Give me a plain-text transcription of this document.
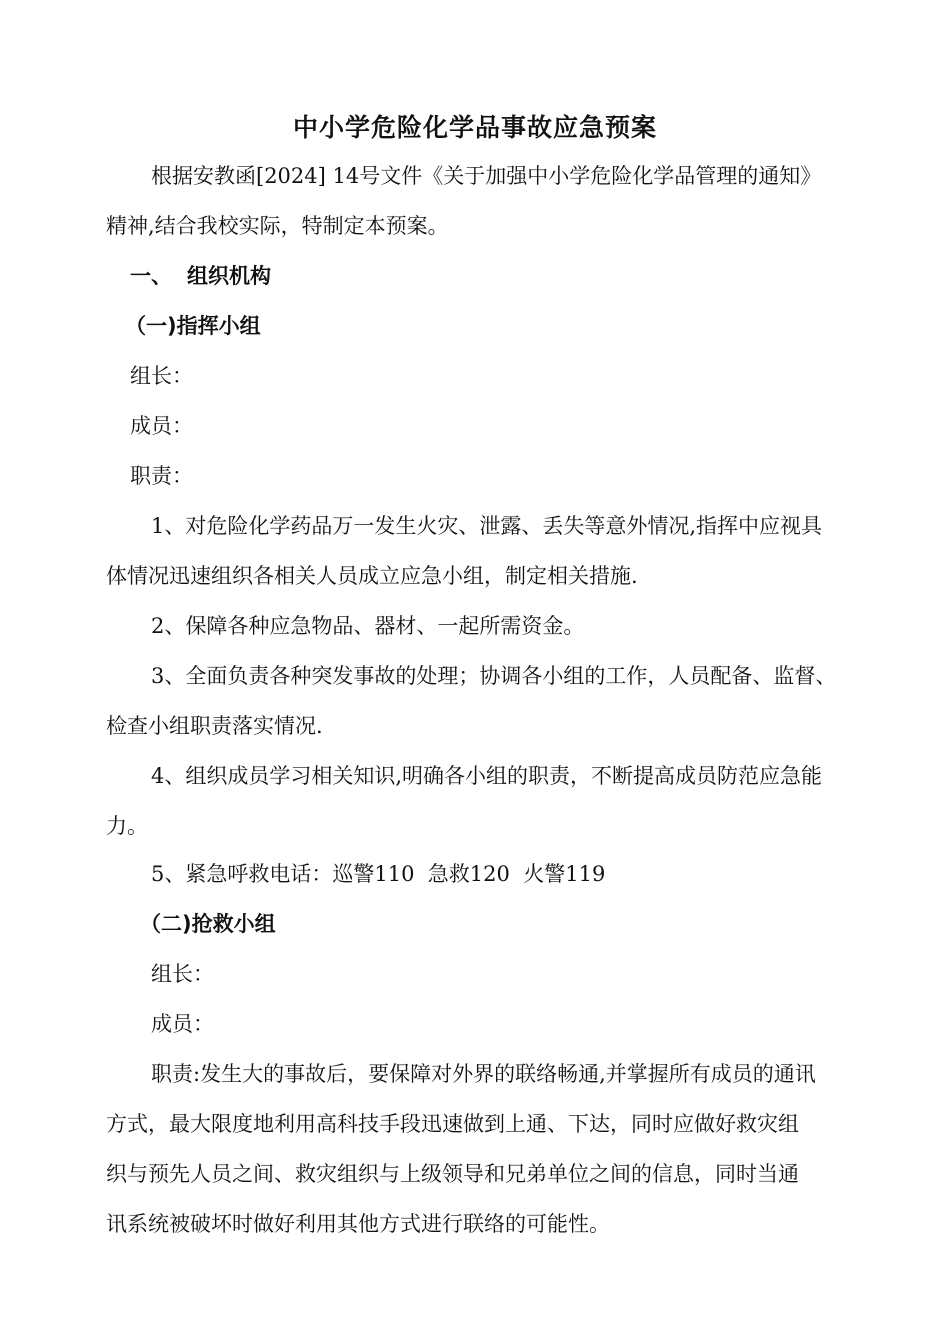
中小学危险化学品事故应急预案
根据安教函[2024] 14号文件《关于加强中小学危险化学品管理的通知》
精神,结合我校实际，特制定本预案。
一、 组织机构
（一)指挥小组
组长：
成员：
职责：
1、对危险化学药品万一发生火灾、泄露、丢失等意外情况,指挥中应视具
体情况迅速组织各相关人员成立应急小组，制定相关措施.
2、保障各种应急物品、器材、一起所需资金。
3、全面负责各种突发事故的处理；协调各小组的工作，人员配备、监督、
检查小组职责落实情况.
4、组织成员学习相关知识,明确各小组的职责，不断提高成员防范应急能
力。
5、紧急呼救电话：巡警110  急救120  火警119
（二)抢救小组
组长：
成员：
职责:发生大的事故后，要保障对外界的联络畅通,并掌握所有成员的通讯
方式，最大限度地利用高科技手段迅速做到上通、下达，同时应做好救灾组
织与预先人员之间、救灾组织与上级领导和兄弟单位之间的信息，同时当通
讯系统被破坏时做好利用其他方式进行联络的可能性。
